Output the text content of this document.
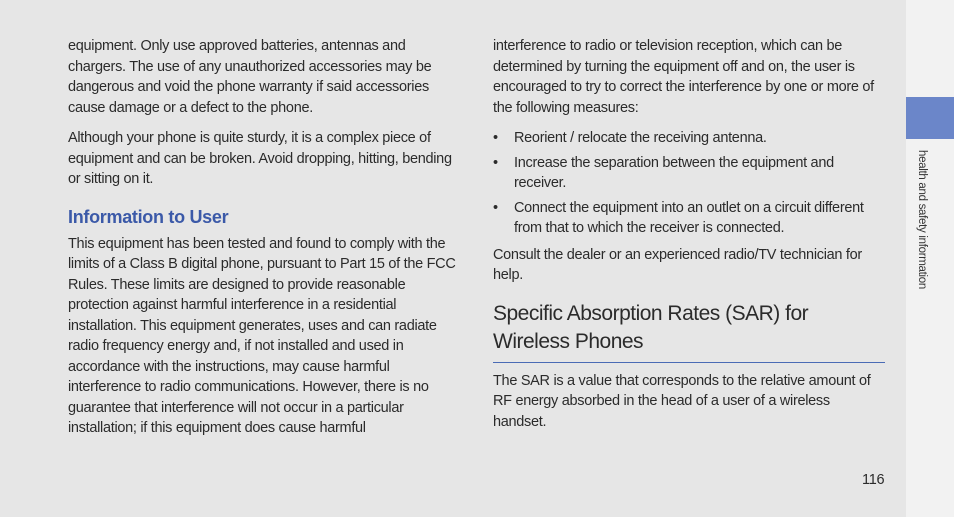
health and safety information

equipment. Only use approved batteries, antennas and chargers. The use of any unauthorized accessories may be dangerous and void the phone warranty if said accessories cause damage or a defect to the phone.

Although your phone is quite sturdy, it is a complex piece of equipment and can be broken. Avoid dropping, hitting, bending or sitting on it.

Information to User

This equipment has been tested and found to comply with the limits of a Class B digital phone, pursuant to Part 15 of the FCC Rules. These limits are designed to provide reasonable protection against harmful interference in a residential installation. This equipment generates, uses and can radiate radio frequency energy and, if not installed and used in accordance with the instructions, may cause harmful interference to radio communications. However, there is no guarantee that interference will not occur in a particular installation; if this equipment does cause harmful

interference to radio or television reception, which can be determined by turning the equipment off and on, the user is encouraged to try to correct the interference by one or more of the following measures:

• Reorient / relocate the receiving antenna.
• Increase the separation between the equipment and receiver.
• Connect the equipment into an outlet on a circuit different from that to which the receiver is connected.

Consult the dealer or an experienced radio/TV technician for help.

Specific Absorption Rates (SAR) for Wireless Phones

The SAR is a value that corresponds to the relative amount of RF energy absorbed in the head of a user of a wireless handset.

116
